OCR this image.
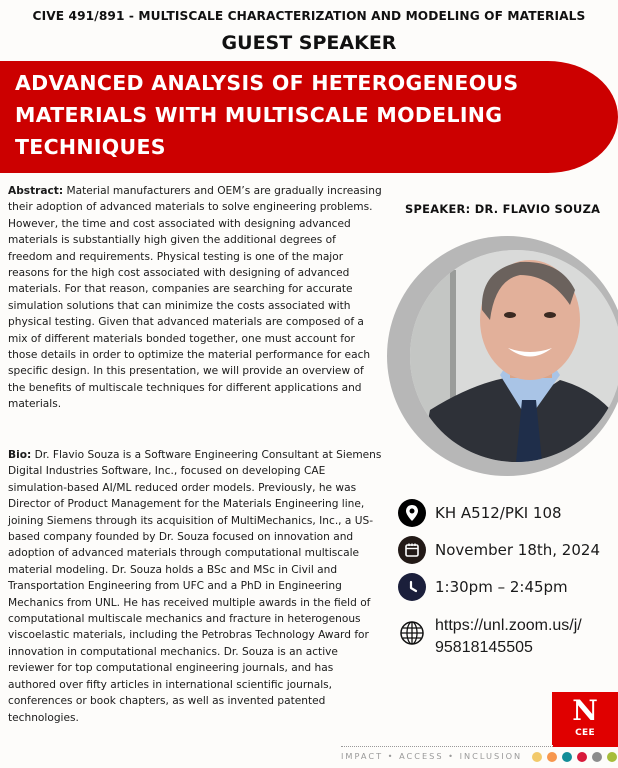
CIVE 491/891 - MULTISCALE CHARACTERIZATION AND MODELING OF MATERIALS
GUEST SPEAKER
ADVANCED ANALYSIS OF HETEROGENEOUS MATERIALS WITH MULTISCALE MODELING TECHNIQUES
Abstract: Material manufacturers and OEM’s are gradually increasing their adoption of advanced materials to solve engineering problems. However, the time and cost associated with designing advanced materials is substantially high given the additional degrees of freedom and requirements. Physical testing is one of the major reasons for the high cost associated with designing of advanced materials. For that reason, companies are searching for accurate simulation solutions that can minimize the costs associated with physical testing. Given that advanced materials are composed of a mix of different materials bonded together, one must account for those details in order to optimize the material performance for each specific design. In this presentation, we will provide an overview of the benefits of multiscale techniques for different applications and materials.
Bio: Dr. Flavio Souza is a Software Engineering Consultant at Siemens Digital Industries Software, Inc., focused on developing CAE simulation-based AI/ML reduced order models. Previously, he was Director of Product Management for the Materials Engineering line, joining Siemens through its acquisition of MultiMechanics, Inc., a US-based company founded by Dr. Souza focused on innovation and adoption of advanced materials through computational multiscale material modeling. Dr. Souza holds a BSc and MSc in Civil and Transportation Engineering from UFC and a PhD in Engineering Mechanics from UNL. He has received multiple awards in the field of computational multiscale mechanics and fracture in heterogenous viscoelastic materials, including the Petrobras Technology Award for innovation in computational mechanics. Dr. Souza is an active reviewer for top computational engineering journals, and has authored over fifty articles in international scientific journals, conferences or book chapters, as well as invented patented technologies.
SPEAKER: DR. FLAVIO SOUZA
KH A512/PKI 108
November 18th, 2024
1:30pm – 2:45pm
https://unl.zoom.us/j/
95818145505
N
CEE
IMPACT • ACCESS • INCLUSION
